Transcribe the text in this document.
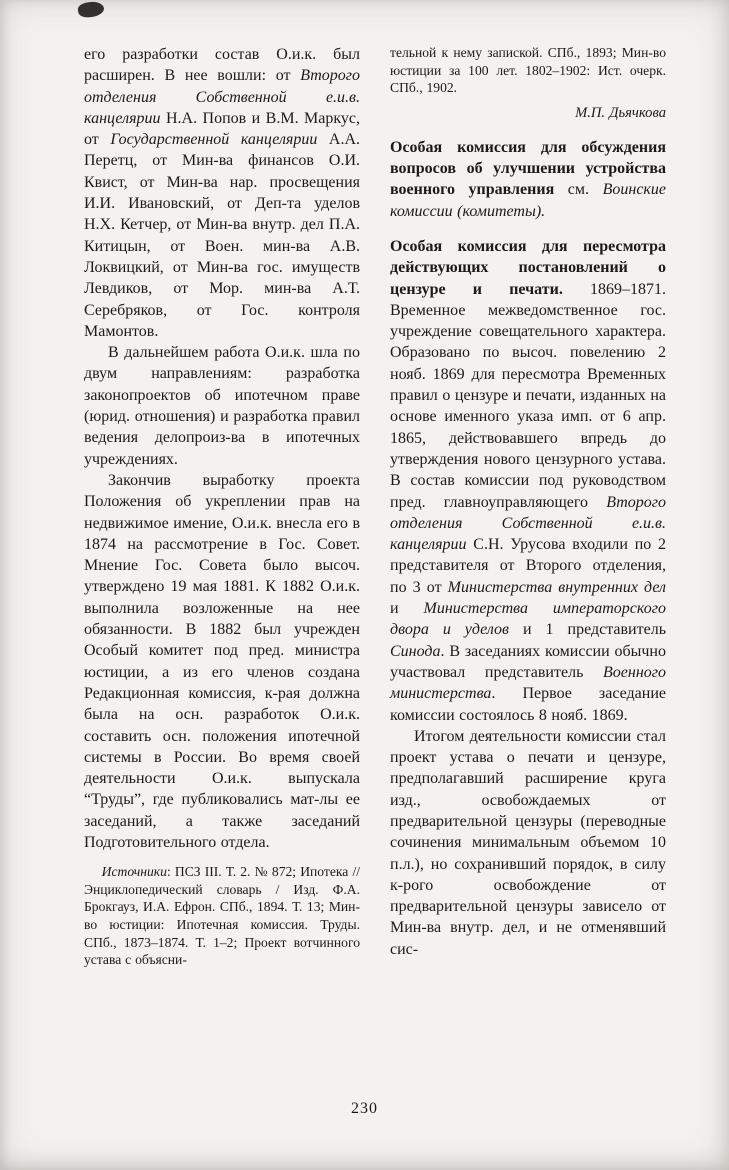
его разработки состав О.и.к. был расширен. В нее вошли: от Второго отделения Собственной е.и.в. канцелярии Н.А. Попов и В.М. Маркус, от Государственной канцелярии А.А. Перетц, от Мин-ва финансов О.И. Квист, от Мин-ва нар. просвещения И.И. Ивановский, от Деп-та уделов Н.Х. Кетчер, от Мин-ва внутр. дел П.А. Китицын, от Воен. мин-ва А.В. Локвицкий, от Мин-ва гос. имуществ Левдиков, от Мор. мин-ва А.Т. Серебряков, от Гос. контроля Мамонтов.

В дальнейшем работа О.и.к. шла по двум направлениям: разработка законопроектов об ипотечном праве (юрид. отношения) и разработка правил ведения делопроиз-ва в ипотечных учреждениях.

Закончив выработку проекта Положения об укреплении прав на недвижимое имение, О.и.к. внесла его в 1874 на рассмотрение в Гос. Совет. Мнение Гос. Совета было высоч. утверждено 19 мая 1881. К 1882 О.и.к. выполнила возложенные на нее обязанности. В 1882 был учрежден Особый комитет под пред. министра юстиции, а из его членов создана Редакционная комиссия, к-рая должна была на осн. разработок О.и.к. составить осн. положения ипотечной системы в России. Во время своей деятельности О.и.к. выпускала “Труды”, где публиковались мат-лы ее заседаний, а также заседаний Подготовительного отдела.

Источники: ПСЗ III. Т. 2. № 872; Ипотека // Энциклопедический словарь / Изд. Ф.А. Брокгауз, И.А. Ефрон. СПб., 1894. Т. 13; Мин-во юстиции: Ипотечная комиссия. Труды. СПб., 1873–1874. Т. 1–2; Проект вотчинного устава с объясни-

тельной к нему запиской. СПб., 1893; Мин-во юстиции за 100 лет. 1802–1902: Ист. очерк. СПб., 1902.

М.П. Дьячкова

Особая комиссия для обсуждения вопросов об улучшении устройства военного управления см. Воинские комиссии (комитеты).

Особая комиссия для пересмотра действующих постановлений о цензуре и печати. 1869–1871. Временное межведомственное гос. учреждение совещательного характера. Образовано по высоч. повелению 2 нояб. 1869 для пересмотра Временных правил о цензуре и печати, изданных на основе именного указа имп. от 6 апр. 1865, действовавшего впредь до утверждения нового цензурного устава. В состав комиссии под руководством пред. главноуправляющего Второго отделения Собственной е.и.в. канцелярии С.Н. Урусова входили по 2 представителя от Второго отделения, по 3 от Министерства внутренних дел и Министерства императорского двора и уделов и 1 представитель Синода. В заседаниях комиссии обычно участвовал представитель Военного министерства. Первое заседание комиссии состоялось 8 нояб. 1869.

Итогом деятельности комиссии стал проект устава о печати и цензуре, предполагавший расширение круга изд., освобождаемых от предварительной цензуры (переводные сочинения минимальным объемом 10 п.л.), но сохранивший порядок, в силу к-рого освобождение от предварительной цензуры зависело от Мин-ва внутр. дел, и не отменявший сис-

230
